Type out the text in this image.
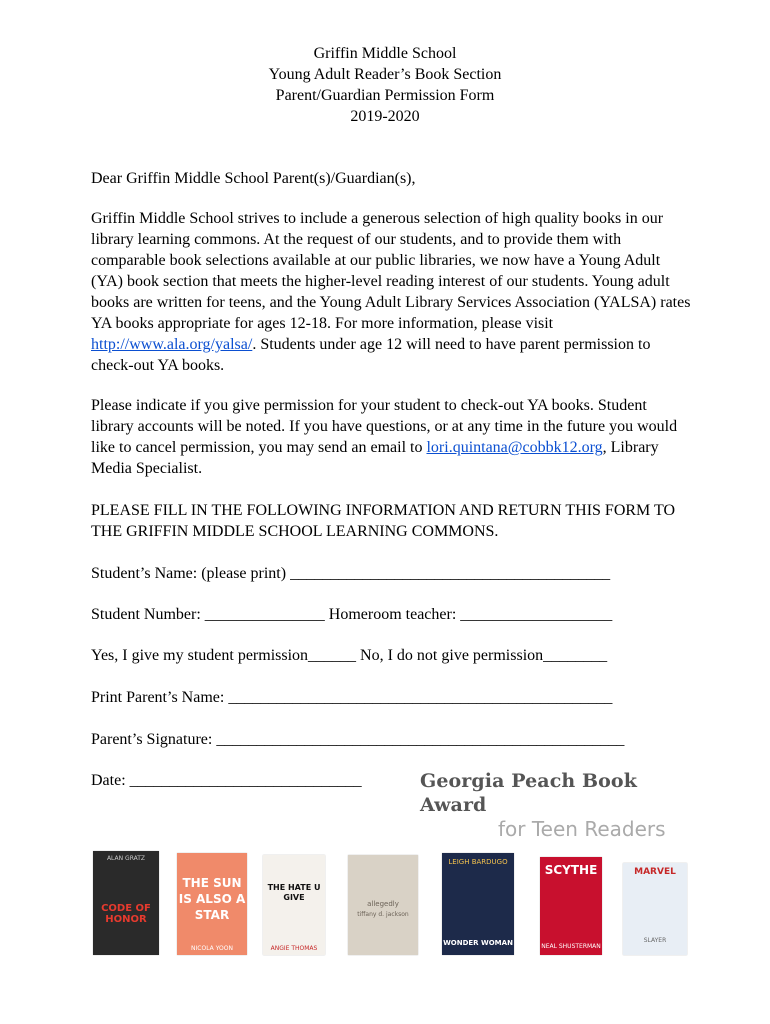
Griffin Middle School
Young Adult Reader’s Book Section
Parent/Guardian Permission Form
2019-2020
Dear Griffin Middle School Parent(s)/Guardian(s),
Griffin Middle School strives to include a generous selection of high quality books in our library learning commons. At the request of our students, and to provide them with comparable book selections available at our public libraries, we now have a Young Adult (YA) book section that meets the higher-level reading interest of our students. Young adult books are written for teens, and the Young Adult Library Services Association (YALSA) rates YA books appropriate for ages 12-18. For more information, please visit http://www.ala.org/yalsa/. Students under age 12 will need to have parent permission to check-out YA books.
Please indicate if you give permission for your student to check-out YA books. Student library accounts will be noted. If you have questions, or at any time in the future you would like to cancel permission, you may send an email to lori.quintana@cobbk12.org, Library Media Specialist.
PLEASE FILL IN THE FOLLOWING INFORMATION AND RETURN THIS FORM TO THE GRIFFIN MIDDLE SCHOOL LEARNING COMMONS.
Student’s Name: (please print) ________________________________________
Student Number: _______________ Homeroom teacher: ___________________
Yes, I give my student permission______ No, I do not give permission________
Print Parent’s Name: ________________________________________________
Parent’s Signature: ___________________________________________________
Date: _____________________________	Georgia Peach Book Award
for Teen Readers
ALAN GRATZ
CODE OF HONOR
THE SUN IS ALSO A STAR
NICOLA YOON
THE HATE U GIVE
ANGIE THOMAS
allegedly
tiffany d. jackson
LEIGH BARDUGO
WONDER WOMAN
SCYTHE
NEAL SHUSTERMAN
MARVEL
SLAYER
